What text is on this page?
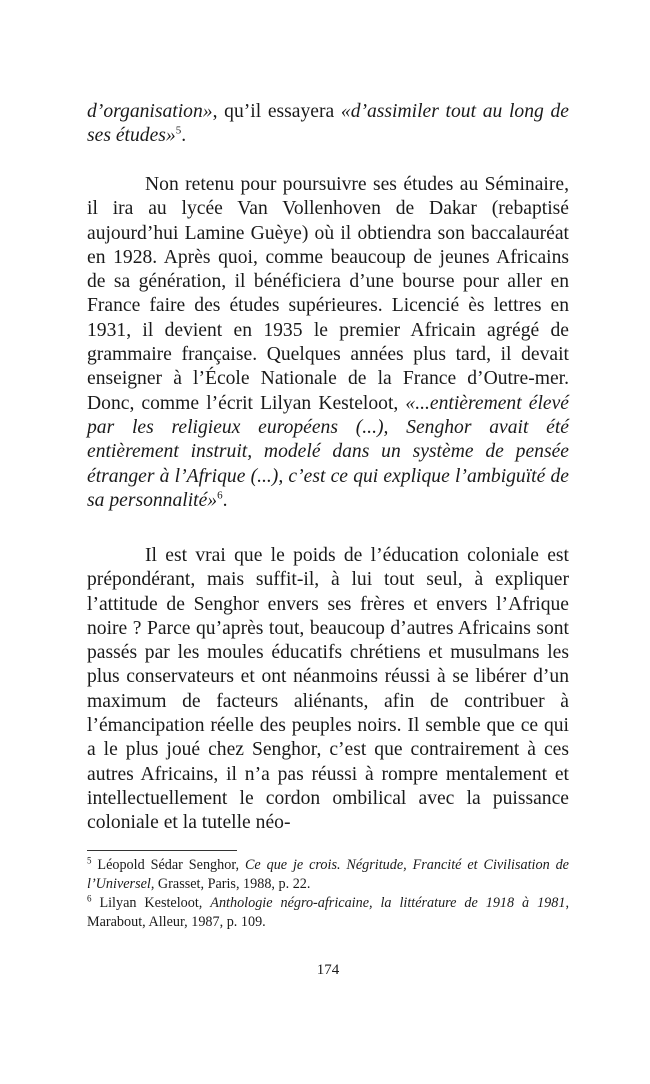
d’organisation», qu’il essayera «d’assimiler tout au long de ses études»$^5$.

Non retenu pour poursuivre ses études au Séminaire, il ira au lycée Van Vollenhoven de Dakar (rebaptisé aujourd’hui Lamine Guèye) où il obtiendra son baccalauréat en 1928. Après quoi, comme beaucoup de jeunes Africains de sa génération, il bénéficiera d’une bourse pour aller en France faire des études supérieures. Licencié ès lettres en 1931, il devient en 1935 le premier Africain agrégé de grammaire française. Quelques années plus tard, il devait enseigner à l’École Nationale de la France d’Outre-mer. Donc, comme l’écrit Lilyan Kesteloot, «...entièrement élevé par les religieux européens (...), Senghor avait été entièrement instruit, modelé dans un système de pensée étranger à l’Afrique (...), c’est ce qui explique l’ambiguïté de sa personnalité»$^6$.

Il est vrai que le poids de l’éducation coloniale est prépondérant, mais suffit-il, à lui tout seul, à expliquer l’attitude de Senghor envers ses frères et envers l’Afrique noire ? Parce qu’après tout, beaucoup d’autres Africains sont passés par les moules éducatifs chrétiens et musulmans les plus conservateurs et ont néanmoins réussi à se libérer d’un maximum de facteurs aliénants, afin de contribuer à l’émancipation réelle des peuples noirs. Il semble que ce qui a le plus joué chez Senghor, c’est que contrairement à ces autres Africains, il n’a pas réussi à rompre mentalement et intellectuellement le cordon ombilical avec la puissance coloniale et la tutelle néo-

$^5$ Léopold Sédar Senghor, Ce que je crois. Négritude, Francité et Civilisation de l’Universel, Grasset, Paris, 1988, p. 22.

$^6$ Lilyan Kesteloot, Anthologie négro-africaine, la littérature de 1918 à 1981, Marabout, Alleur, 1987, p. 109.

174
